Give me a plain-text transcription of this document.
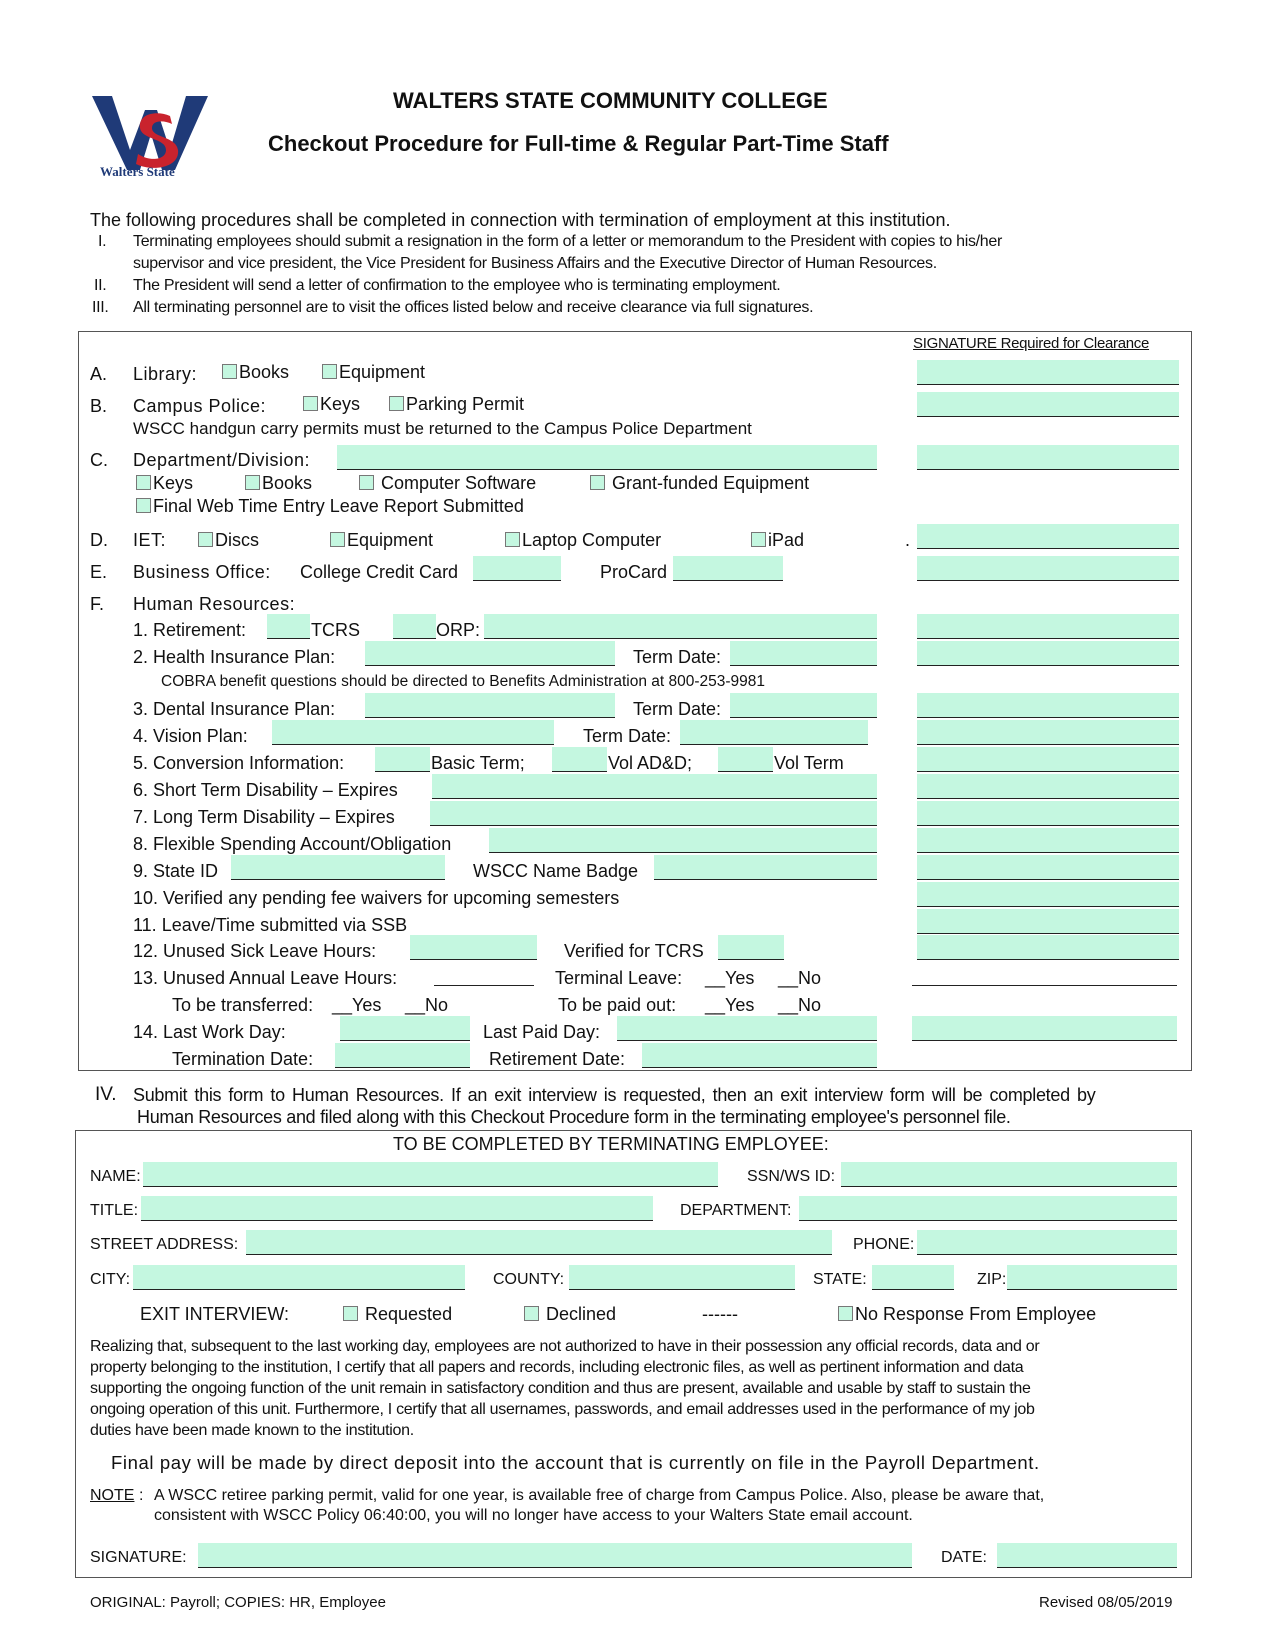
Walters State
WALTERS STATE COMMUNITY COLLEGE
Checkout Procedure for Full-time & Regular Part-Time Staff
The following procedures shall be completed in connection with termination of employment at this institution.
I. Terminating employees should submit a resignation in the form of a letter or memorandum to the President with copies to his/her
supervisor and vice president, the Vice President for Business Affairs and the Executive Director of Human Resources.
II. The President will send a letter of confirmation to the employee who is terminating employment.
III. All terminating personnel are to visit the offices listed below and receive clearance via full signatures.
SIGNATURE Required for Clearance
A. Library:	Books	Equipment
B. Campus Police:	Keys	Parking Permit
WSCC handgun carry permits must be returned to the Campus Police Department
C. Department/Division:
Keys	Books	Computer Software	Grant-funded Equipment
Final Web Time Entry Leave Report Submitted
D. IET:	Discs	Equipment	Laptop Computer	iPad	.
E. Business Office: College Credit Card	ProCard
F. Human Resources:
1. Retirement:	TCRS	ORP:
2. Health Insurance Plan:	Term Date:
COBRA benefit questions should be directed to Benefits Administration at 800-253-9981
3. Dental Insurance Plan:	Term Date:
4. Vision Plan:	Term Date:
5. Conversion Information:	Basic Term;	Vol AD&D;	Vol Term
6. Short Term Disability – Expires
7. Long Term Disability – Expires
8. Flexible Spending Account/Obligation
9. State ID	WSCC Name Badge
10. Verified any pending fee waivers for upcoming semesters
11. Leave/Time submitted via SSB
12. Unused Sick Leave Hours:	Verified for TCRS
13. Unused Annual Leave Hours:	Terminal Leave: __Yes __No
To be transferred: __Yes __No	To be paid out: __Yes __No
14. Last Work Day:	Last Paid Day:
Termination Date:	Retirement Date:
IV. Submit this form to Human Resources. If an exit interview is requested, then an exit interview form will be completed by
Human Resources and filed along with this Checkout Procedure form in the terminating employee's personnel file.
TO BE COMPLETED BY TERMINATING EMPLOYEE:
NAME:	SSN/WS ID:
TITLE:	DEPARTMENT:
STREET ADDRESS:	PHONE:
CITY:	COUNTY:	STATE:	ZIP:
EXIT INTERVIEW:	Requested	Declined	------	No Response From Employee
Realizing that, subsequent to the last working day, employees are not authorized to have in their possession any official records, data and or
property belonging to the institution, I certify that all papers and records, including electronic files, as well as pertinent information and data
supporting the ongoing function of the unit remain in satisfactory condition and thus are present, available and usable by staff to sustain the
ongoing operation of this unit. Furthermore, I certify that all usernames, passwords, and email addresses used in the performance of my job
duties have been made known to the institution.
Final pay will be made by direct deposit into the account that is currently on file in the Payroll Department.
NOTE : A WSCC retiree parking permit, valid for one year, is available free of charge from Campus Police. Also, please be aware that,
consistent with WSCC Policy 06:40:00, you will no longer have access to your Walters State email account.
SIGNATURE:	DATE:
ORIGINAL: Payroll; COPIES: HR, Employee	Revised 08/05/2019
